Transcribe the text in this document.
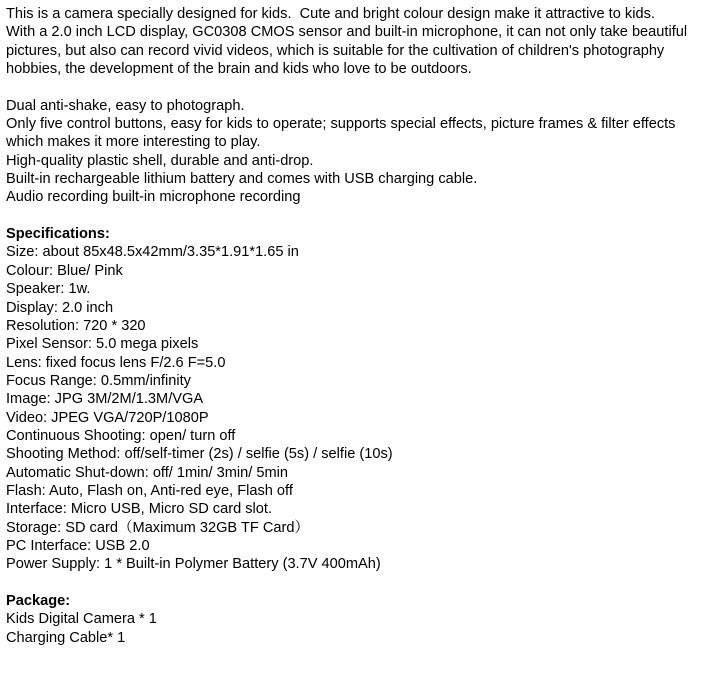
This is a camera specially designed for kids.  Cute and bright colour design make it attractive to kids.

With a 2.0 inch LCD display, GC0308 CMOS sensor and built-in microphone, it can not only take beautiful pictures, but also can record vivid videos, which is suitable for the cultivation of children's photography hobbies, the development of the brain and kids who love to be outdoors.

Dual anti-shake, easy to photograph.

Only five control buttons, easy for kids to operate; supports special effects, picture frames & filter effects which makes it more interesting to play.

High-quality plastic shell, durable and anti-drop.

Built-in rechargeable lithium battery and comes with USB charging cable.

Audio recording built-in microphone recording

Specifications:

Size: about 85x48.5x42mm/3.35*1.91*1.65 in

Colour: Blue/ Pink

Speaker: 1w.

Display: 2.0 inch

Resolution: 720 * 320

Pixel Sensor: 5.0 mega pixels

Lens: fixed focus lens F/2.6 F=5.0

Focus Range: 0.5mm/infinity

Image: JPG 3M/2M/1.3M/VGA

Video: JPEG VGA/720P/1080P

Continuous Shooting: open/ turn off

Shooting Method: off/self-timer (2s) / selfie (5s) / selfie (10s)

Automatic Shut-down: off/ 1min/ 3min/ 5min

Flash: Auto, Flash on, Anti-red eye, Flash off

Interface: Micro USB, Micro SD card slot.

Storage: SD card（Maximum 32GB TF Card）

PC Interface: USB 2.0

Power Supply: 1 * Built-in Polymer Battery (3.7V 400mAh)

Package:

Kids Digital Camera * 1

Charging Cable* 1
